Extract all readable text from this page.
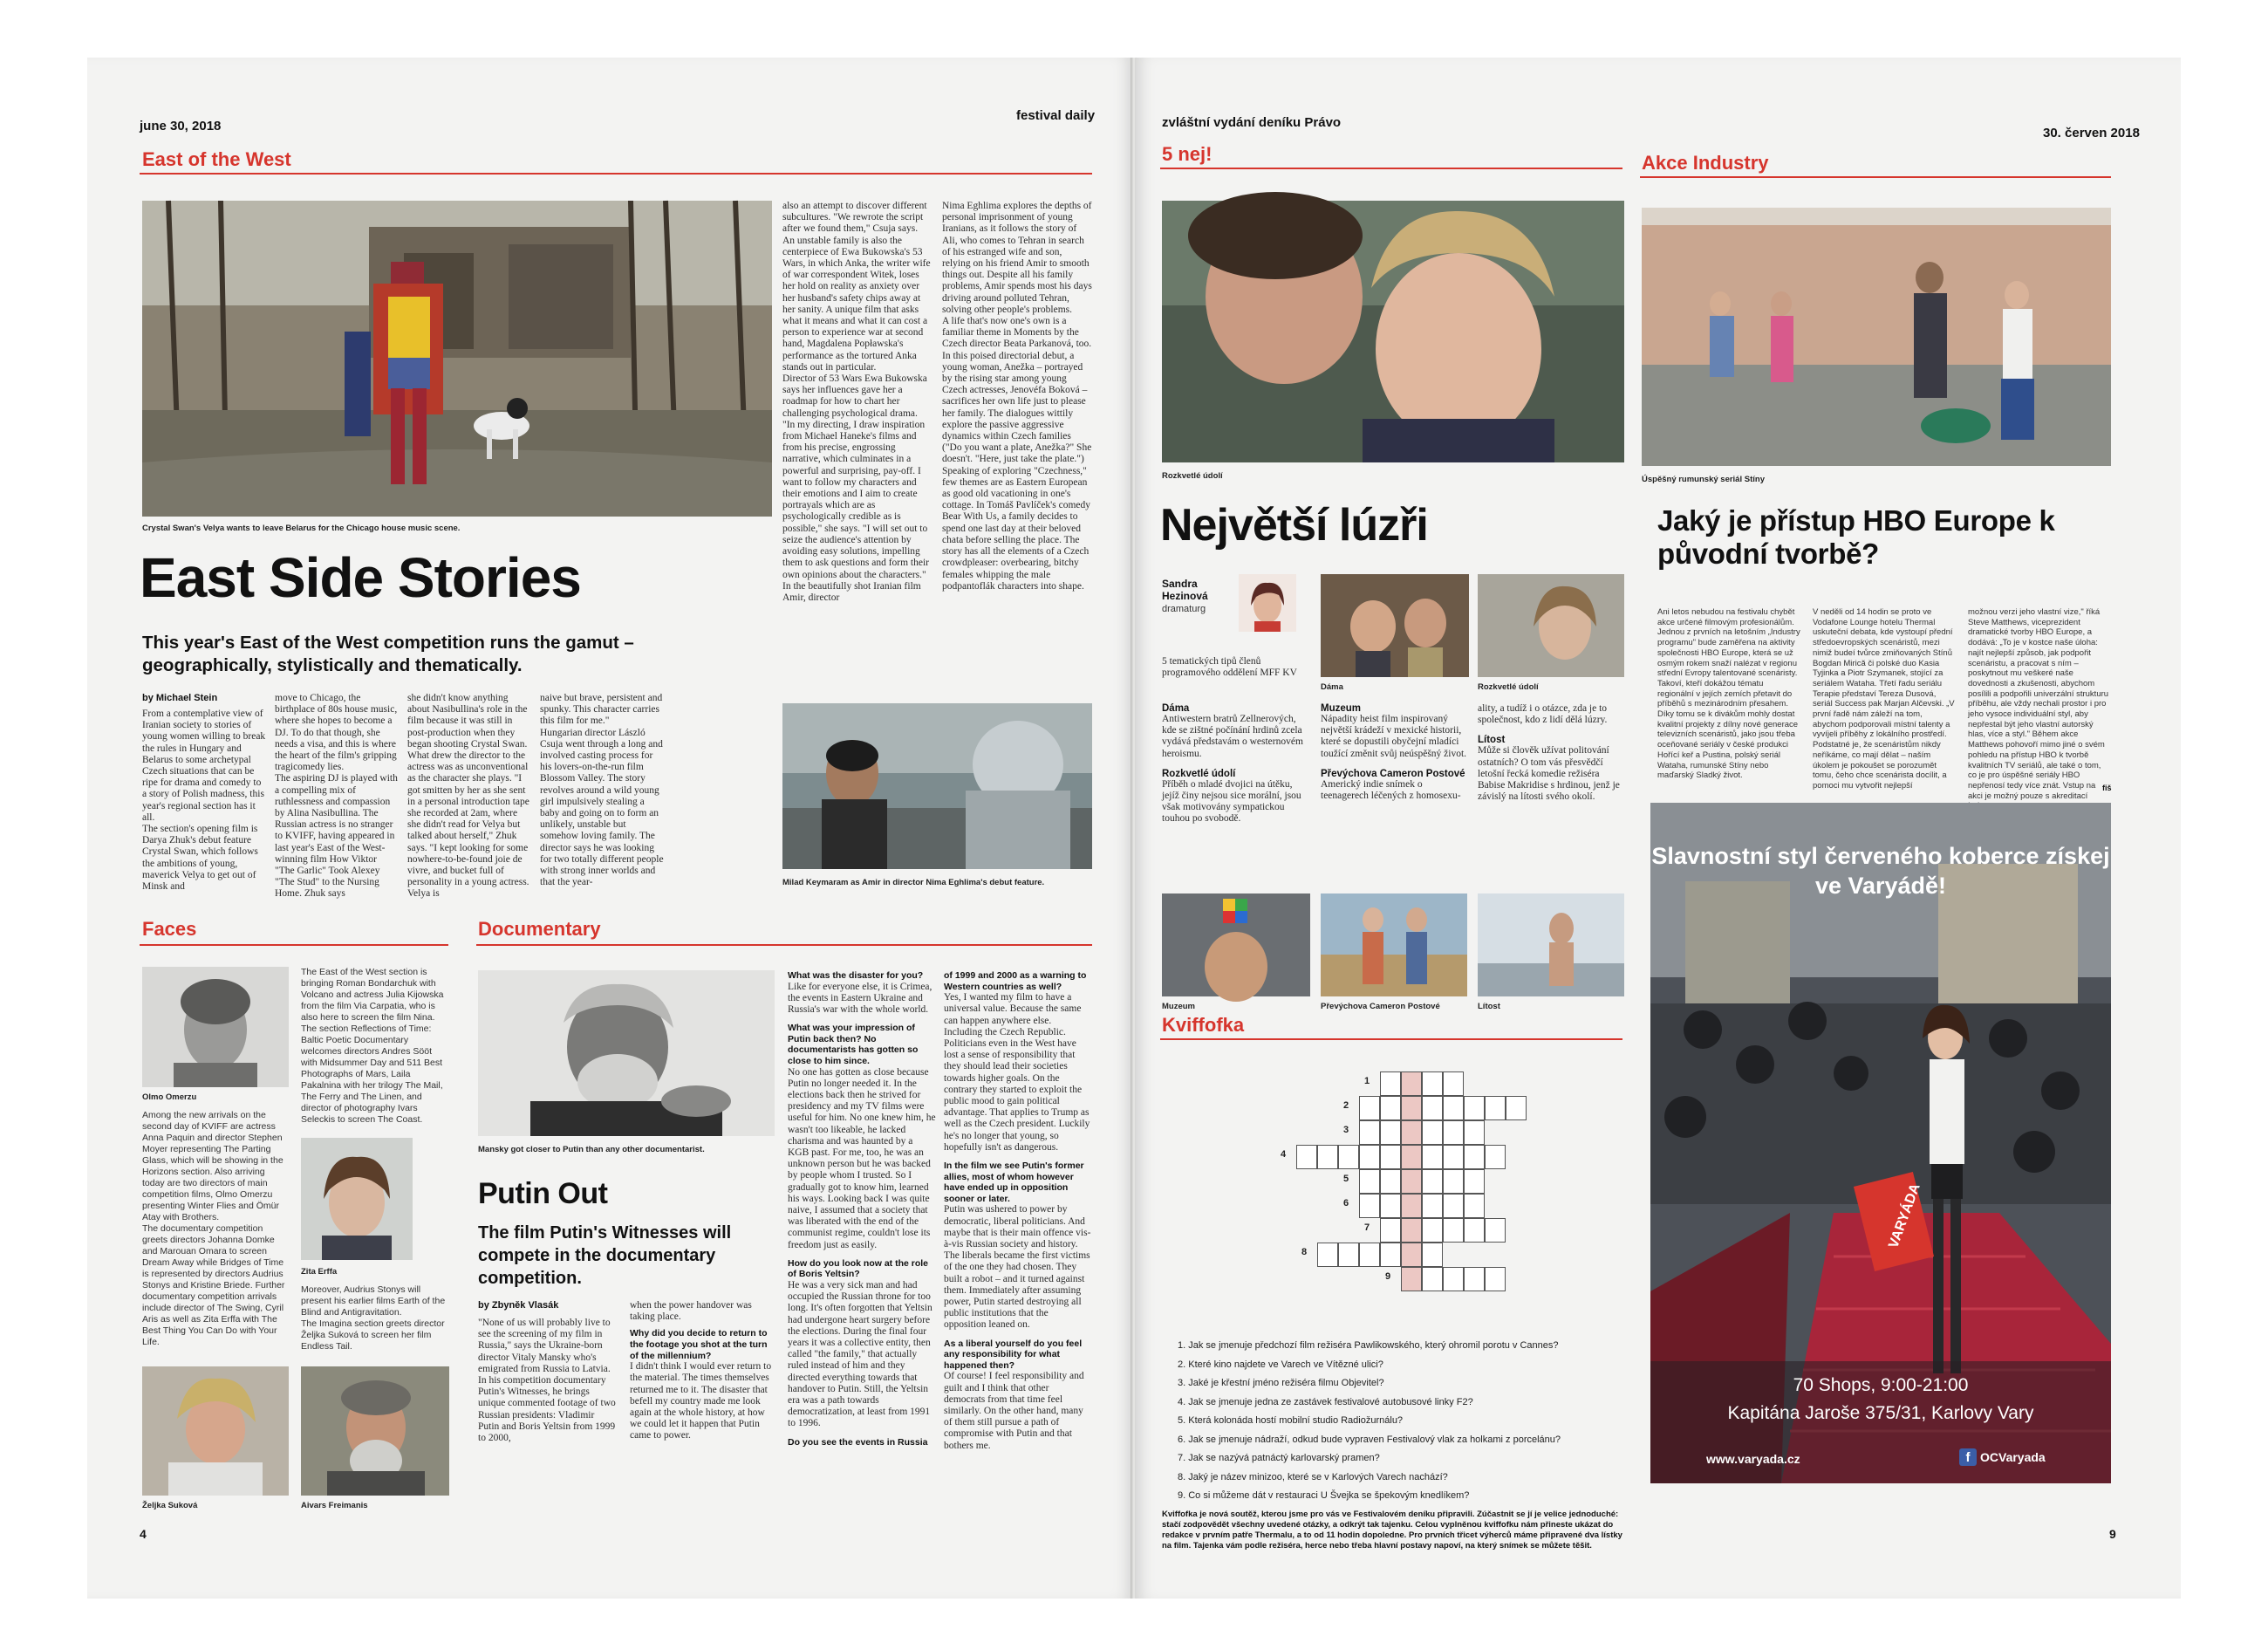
june 30, 2018
festival daily
East of the West
Crystal Swan's Velya wants to leave Belarus for the Chicago house music scene.
East Side Stories
This year's East of the West competition runs the gamut – geographically, stylistically and thematically.
by Michael Stein
From a contemplative view of Iranian society to stories of young women willing to break the rules in Hungary and Belarus to some archetypal Czech situations that can be ripe for drama and comedy to a story of Polish madness, this year's regional section has it all.
The section's opening film is Darya Zhuk's debut feature Crystal Swan, which follows the ambitions of young, maverick Velya to get out of Minsk and
move to Chicago, the birthplace of 80s house music, where she hopes to become a DJ. To do that though, she needs a visa, and this is where the heart of the film's gripping tragicomedy lies.
The aspiring DJ is played with a compelling mix of ruthlessness and compassion by Alina Nasibullina. The Russian actress is no stranger to KVIFF, having appeared in last year's East of the West-winning film How Viktor "The Garlic" Took Alexey "The Stud" to the Nursing Home. Zhuk says
she didn't know anything about Nasibullina's role in the film because it was still in post-production when they began shooting Crystal Swan.
What drew the director to the actress was as unconventional as the character she plays. "I got smitten by her as she sent in a personal introduction tape she recorded at 2am, where she didn't read for Velya but talked about herself," Zhuk says. "I kept looking for some nowhere-to-be-found joie de vivre, and bucket full of personality in a young actress. Velya is
naive but brave, persistent and spunky. This character carries this film for me."
Hungarian director László Csuja went through a long and involved casting process for his lovers-on-the-run film Blossom Valley. The story revolves around a wild young girl impulsively stealing a baby and going on to form an unlikely, unstable but somehow loving family. The director says he was looking for two totally different people with strong inner worlds and that the year-
also an attempt to discover different subcultures. "We rewrote the script after we found them," Csuja says.
An unstable family is also the centerpiece of Ewa Bukowska's 53 Wars, in which Anka, the writer wife of war correspondent Witek, loses her hold on reality as anxiety over her husband's safety chips away at her sanity. A unique film that asks what it means and what it can cost a person to experience war at second hand, Magdalena Popławska's performance as the tortured Anka stands out in particular.
Director of 53 Wars Ewa Bukowska says her influences gave her a roadmap for how to chart her challenging psychological drama.
"In my directing, I draw inspiration from Michael Haneke's films and from his precise, engrossing narrative, which culminates in a powerful and surprising, pay-off. I want to follow my characters and their emotions and I aim to create portrayals which are as psychologically credible as is possible," she says. "I will set out to seize the audience's attention by avoiding easy solutions, impelling them to ask questions and form their own opinions about the characters."
In the beautifully shot Iranian film Amir, director
Nima Eghlima explores the depths of personal imprisonment of young Iranians, as it follows the story of Ali, who comes to Tehran in search of his estranged wife and son, relying on his friend Amir to smooth things out. Despite all his family problems, Amir spends most his days driving around polluted Tehran, solving other people's problems.
A life that's now one's own is a familiar theme in Moments by the Czech director Beata Parkanová, too. In this poised directorial debut, a young woman, Anežka – portrayed by the rising star among young Czech actresses, Jenovéfa Boková – sacrifices her own life just to please her family. The dialogues wittily explore the passive aggressive dynamics within Czech families ("Do you want a plate, Anežka?" She doesn't. "Here, just take the plate.")
Speaking of exploring "Czechness," few themes are as Eastern European as good old vacationing in one's cottage. In Tomáš Pavlíček's comedy Bear With Us, a family decides to spend one last day at their beloved chata before selling the place. The story has all the elements of a Czech crowdpleaser: overbearing, bitchy females whipping the male podpantoflák characters into shape.
Milad Keymaram as Amir in director Nima Eghlima's debut feature.
Faces
Olmo Omerzu
Among the new arrivals on the second day of KVIFF are actress Anna Paquin and director Stephen Moyer representing The Parting Glass, which will be showing in the Horizons section. Also arriving today are two directors of main competition films, Olmo Omerzu presenting Winter Flies and Ömür Atay with Brothers.
The documentary competition greets directors Johanna Domke and Marouan Omara to screen Dream Away while Bridges of Time is represented by directors Audrius Stonys and Kristine Briede. Further documentary competition arrivals include director of The Swing, Cyril Aris as well as Zita Erffa with The Best Thing You Can Do with Your Life.
The East of the West section is bringing Roman Bondarchuk with Volcano and actress Julia Kijowska from the film Via Carpatia, who is also here to screen the film Nina.
The section Reflections of Time: Baltic Poetic Documentary welcomes directors Andres Sööt with Midsummer Day and 511 Best Photographs of Mars, Laila Pakalnina with her trilogy The Mail, The Ferry and The Linen, and director of photography Ivars Seleckis to screen The Coast.
Zita Erffa
Moreover, Audrius Stonys will present his earlier films Earth of the Blind and Antigravitation.
The Imagina section greets director Željka Suková to screen her film Endless Tail.
Željka Suková	Aivars Freimanis
Documentary
Mansky got closer to Putin than any other documentarist.
Putin Out
The film Putin's Witnesses will compete in the documentary competition.
by Zbyněk Vlasák
"None of us will probably live to see the screening of my film in Russia," says the Ukraine-born director Vitaly Mansky who's emigrated from Russia to Latvia. In his competition documentary Putin's Witnesses, he brings unique commented footage of two Russian presidents: Vladimir Putin and Boris Yeltsin from 1999 to 2000,
when the power handover was taking place.
Why did you decide to return to the footage you shot at the turn of the millennium?
I didn't think I would ever return to the material. The times themselves returned me to it. The disaster that befell my country made me look again at the whole history, at how we could let it happen that Putin came to power.
What was the disaster for you?
Like for everyone else, it is Crimea, the events in Eastern Ukraine and Russia's war with the whole world.
What was your impression of Putin back then? No documentarists has gotten so close to him since.
No one has gotten as close because Putin no longer needed it. In the elections back then he strived for presidency and my TV films were useful for him. No one knew him, he wasn't too likeable, he lacked charisma and was haunted by a KGB past. For me, too, he was an unknown person but he was backed by people whom I trusted. So I gradually got to know him, learned his ways. Looking back I was quite naive, I assumed that a society that was liberated with the end of the communist regime, couldn't lose its freedom just as easily.
How do you look now at the role of Boris Yeltsin?
He was a very sick man and had occupied the Russian throne for too long. It's often forgotten that Yeltsin had undergone heart surgery before the elections. During the final four years it was a collective entity, then called "the family," that actually ruled instead of him and they directed everything towards that handover to Putin. Still, the Yeltsin era was a path towards democratization, at least from 1991 to 1996.
Do you see the events in Russia
of 1999 and 2000 as a warning to Western countries as well?
Yes, I wanted my film to have a universal value. Because the same can happen anywhere else. Including the Czech Republic. Politicians even in the West have lost a sense of responsibility that they should lead their societies towards higher goals. On the contrary they started to exploit the public mood to gain political advantage. That applies to Trump as well as the Czech president. Luckily he's no longer that young, so hopefully isn't as dangerous.
In the film we see Putin's former allies, most of whom however have ended up in opposition sooner or later.
Putin was ushered to power by democratic, liberal politicians. And maybe that is their main offence vis-à-vis Russian society and history. The liberals became the first victims of the one they had chosen. They built a robot – and it turned against them. Immediately after assuming power, Putin started destroying all public institutions that the opposition leaned on.
As a liberal yourself do you feel any responsibility for what happened then?
Of course! I feel responsibility and guilt and I think that other democrats from that time feel similarly. On the other hand, many of them still pursue a path of compromise with Putin and that bothers me.
4
zvláštní vydání deníku Právo
30. červen 2018
5 nej!	Akce Industry
Rozkvetlé údolí
Největší lúzři
Sandra Hezinová
dramaturg
5 tematických tipů členů programového oddělení MFF KV
Dáma	Rozkvetlé údolí
Dáma
Antiwestern bratrů Zellnerových, kde se zištné počínání hrdinů zcela vydává představám o westernovém heroismu.
Rozkvetlé údolí
Příběh o mladé dvojici na útěku, jejíž činy nejsou sice morální, jsou však motivovány sympatickou touhou po svobodě.
Muzeum
Nápadity heist film inspirovaný největší krádeží v mexické historii, které se dopustili obyčejní mladíci toužící změnit svůj neúspěšný život.
Převýchova Cameron Postové
Americký indie snímek o teenagerech léčených z homosexu-
ality, a tudíž i o otázce, zda je to společnost, kdo z lidí dělá lúzry.
Lítost
Může si člověk užívat politování ostatních? O tom vás přesvědčí letošní řecká komedie režiséra Babise Makridise s hrdinou, jenž je závislý na lítosti svého okolí.
Muzeum	Převýchova Cameron Postové	Lítost
Úspěšný rumunský seriál Stíny
Jaký je přístup HBO Europe k původní tvorbě?
Ani letos nebudou na festivalu chybět akce určené filmovým profesionálům. Jednou z prvních na letošním „Industry programu" bude zaměřena na aktivity společnosti HBO Europe, která se už osmým rokem snaží nalézat v regionu střední Evropy talentované scenáristy. Takoví, kteří dokážou tématu regionální v jejích zemích přetavit do příběhů s mezinárodním přesahem. Díky tomu se k divákům mohly dostat kvalitní projekty z dílny nové generace televizních scenáristů, jako jsou třeba oceňované seriály v české produkci Hořící keř a Pustina, polský seriál Watahа, rumunské Stíny nebo maďarský Sladký život.
V neděli od 14 hodin se proto ve Vodafone Lounge hotelu Thermal uskuteční debata, kde vystoupí přední středoevropských scenáristů, mezi nimiž budeí tvůrce zmiňovaných Stínů Bogdan Mirică či polské duo Kasia Tyjinka a Piotr Szymanek, stojící za seriálem Watahа. Třetí řadu seriálu Terapie představí Tereza Dusová, seriál Success pak Marjan Alčevski. „V první řadě nám záleží na tom, abychom podporovali místní talenty a vyvíjeli příběhy z lokálního prostředí. Podstatné je, že scenáristům nikdy neříkáme, co mají dělat – naším úkolem je pokoušet se porozumět tomu, čeho chce scenárista docílit, a pomoci mu vytvořit nejlepší
možnou verzi jeho vlastní vize," říká Steve Matthews, viceprezident dramatické tvorby HBO Europe, a dodává: „To je v kostce naše úloha: najít nejlepší způsob, jak podpořit scenáristu, a pracovat s ním – poskytnout mu veškeré naše dovednosti a zkušenosti, abychom posílili a podpořili univerzální strukturu příběhu, ale vždy nechali prostor i pro jeho vysoce individuální styl, aby nepřestal být jeho vlastní autorský hlas, více a styl." Během akce Matthews pohovoří mimo jiné o svém pohledu na přístup HBO k tvorbě kvalitních TV seriálů, ale také o tom, co je pro úspěšné seriály HBO nepřenosí tedy více znát. Vstup na akci je možný pouze s akreditací
fiš
VARYÁDA
Slavnostní styl červeného koberce získej ve Varyádě!
70 Shops, 9:00-21:00
Kapitána Jaroše 375/31, Karlovy Vary
www.varyada.cz	f OCVaryada
Kviffofka
1
2
3
4
5
6
7
8
9
1. Jak se jmenuje předchozí film režiséra Pawlikowského, který ohromil porotu v Cannes?
2. Které kino najdete ve Varech ve Vítězné ulici?
3. Jaké je křestní jméno režiséra filmu Objevitel?
4. Jak se jmenuje jedna ze zastávek festivalové autobusové linky F2?
5. Která kolonáda hostí mobilní studio Radiožurnálu?
6. Jak se jmenuje nádraží, odkud bude vypraven Festivalový vlak za holkami z porcelánu?
7. Jak se nazývá patnáctý karlovarský pramen?
8. Jaký je název minizoo, které se v Karlových Varech nachází?
9. Co si můžeme dát v restauraci U Švejka se špekovým knedlíkem?
Kviffofka je nová soutěž, kterou jsme pro vás ve Festivalovém deníku připravili. Zúčastnit se jí je velice jednoduché: stačí zodpovědět všechny uvedené otázky, a odkrýt tak tajenku. Celou vyplněnou kviffofku nám přineste ukázat do redakce v prvním patře Thermalu, a to od 11 hodin dopoledne. Pro prvních třicet výherců máme připravené dva lístky na film. Tajenka vám podle režiséra, herce nebo třeba hlavní postavy napoví, na který snímek se můžete těšit.
9
